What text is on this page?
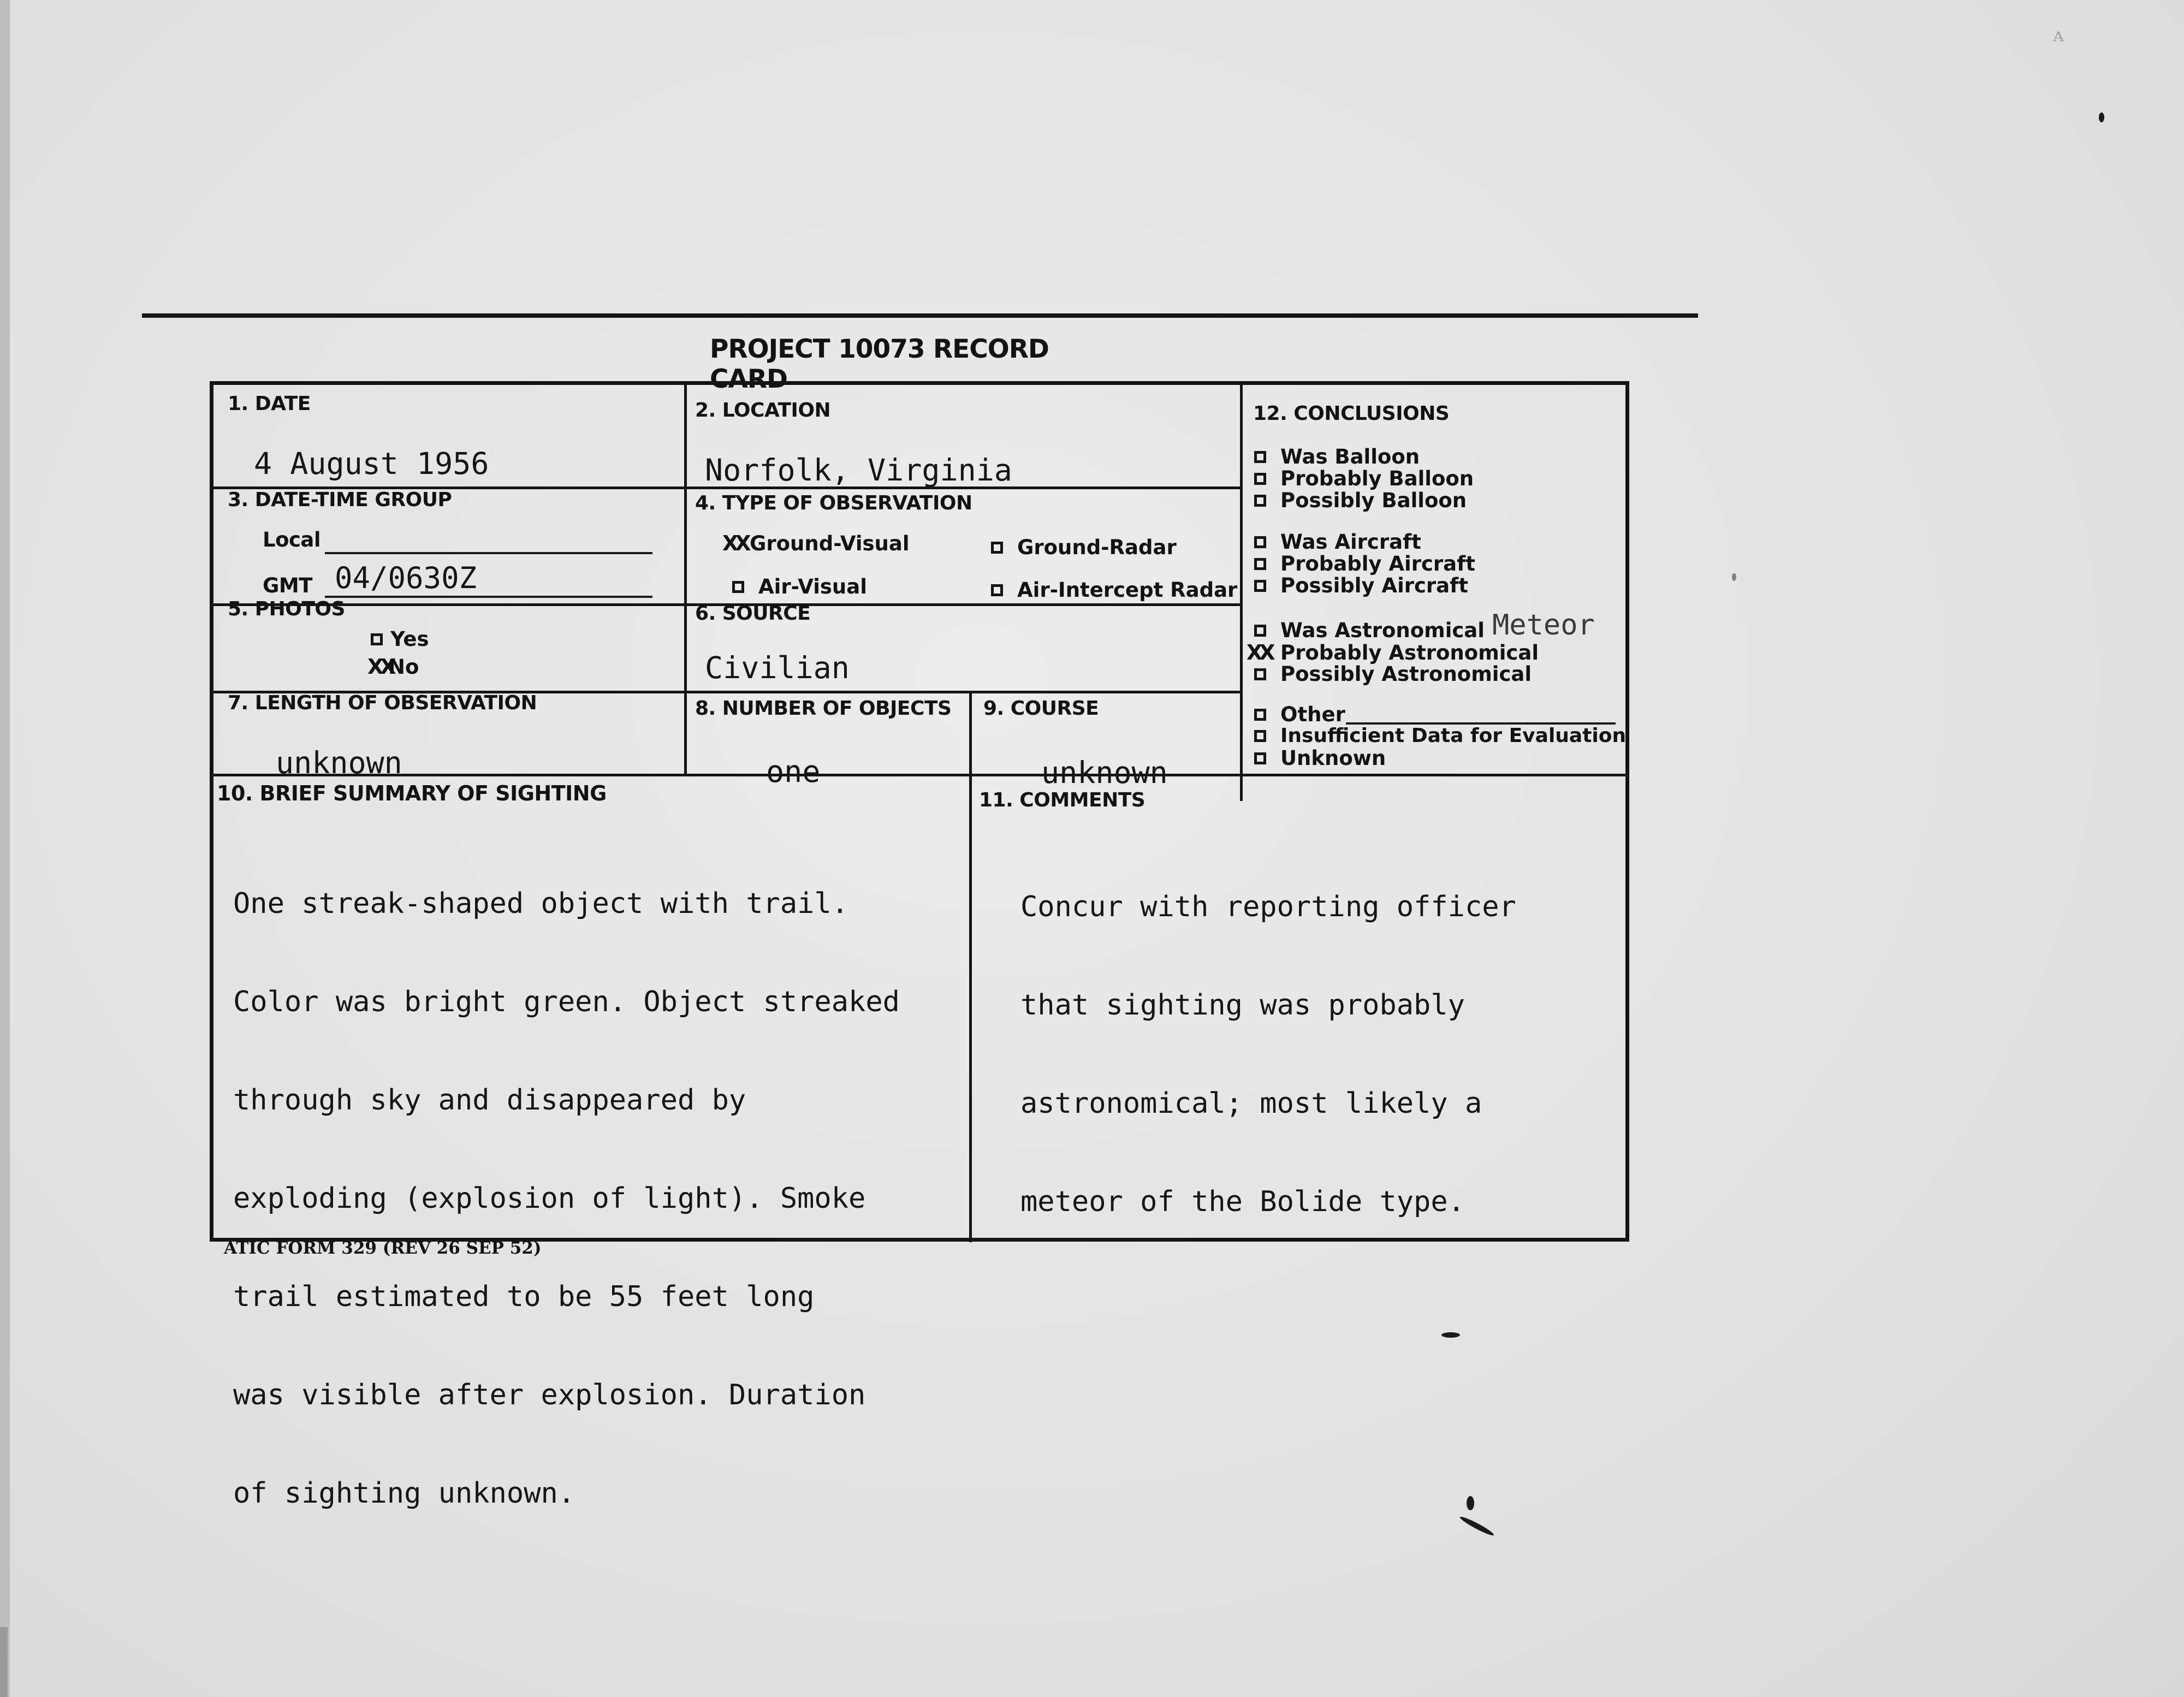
ᴬ
PROJECT 10073 RECORD CARD
1. DATE
4 August 1956
2. LOCATION
Norfolk, Virginia
3. DATE-TIME GROUP
Local
GMT 04/0630Z
4. TYPE OF OBSERVATION
XX Ground-Visual	Ground-Radar
Air-Visual	Air-Intercept Radar
5. PHOTOS
Yes
XX
No
6. SOURCE
Civilian
7. LENGTH OF OBSERVATION
unknown
8. NUMBER OF OBJECTS
one
9. COURSE
unknown
10. BRIEF SUMMARY OF SIGHTING

One streak-shaped object with trail.

Color was bright green. Object streaked

through sky and disappeared by

exploding (explosion of light). Smoke

trail estimated to be 55 feet long

was visible after explosion. Duration

of sighting unknown.

11. COMMENTS

Concur with reporting officer

that sighting was probably

astronomical; most likely a

meteor of the Bolide type.

12. CONCLUSIONS
Was Balloon
Probably Balloon
Possibly Balloon
Was Aircraft
Probably Aircraft
Possibly Aircraft
Was Astronomical Meteor
XX Probably Astronomical
Possibly Astronomical
Other
Insufficient Data for Evaluation
Unknown
ATIC FORM 329 (REV 26 SEP 52)
